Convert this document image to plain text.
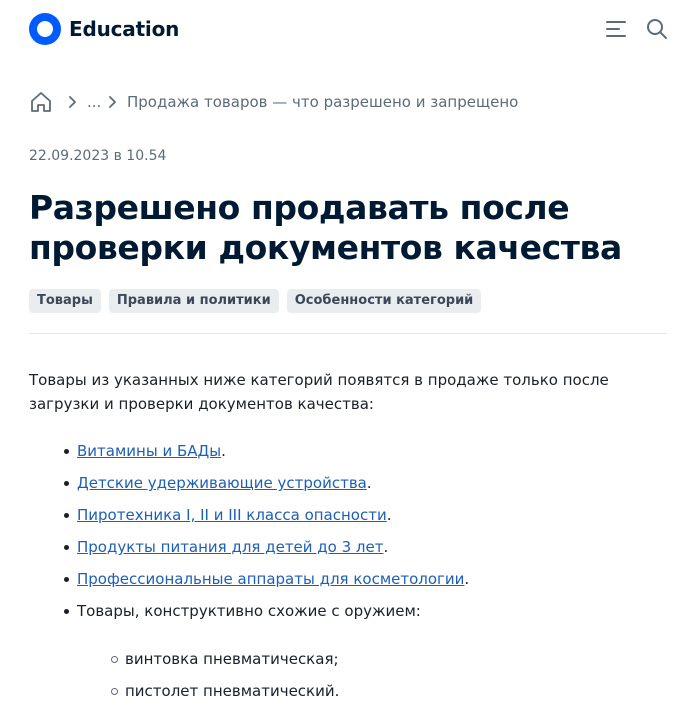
Education
... Продажа товаров — что разрешено и запрещено
22.09.2023 в 10.54
Разрешено продавать после проверки документов качества
Товары	Правила и политики	Особенности категорий

Товары из указанных ниже категорий появятся в продаже только после загрузки и проверки документов качества:

Витамины и БАДы.
Детские удерживающие устройства.
Пиротехника I, II и III класса опасности.
Продукты питания для детей до 3 лет.
Профессиональные аппараты для косметологии.
Товары, конструктивно схожие с оружием:
винтовка пневматическая;
пистолет пневматический.
